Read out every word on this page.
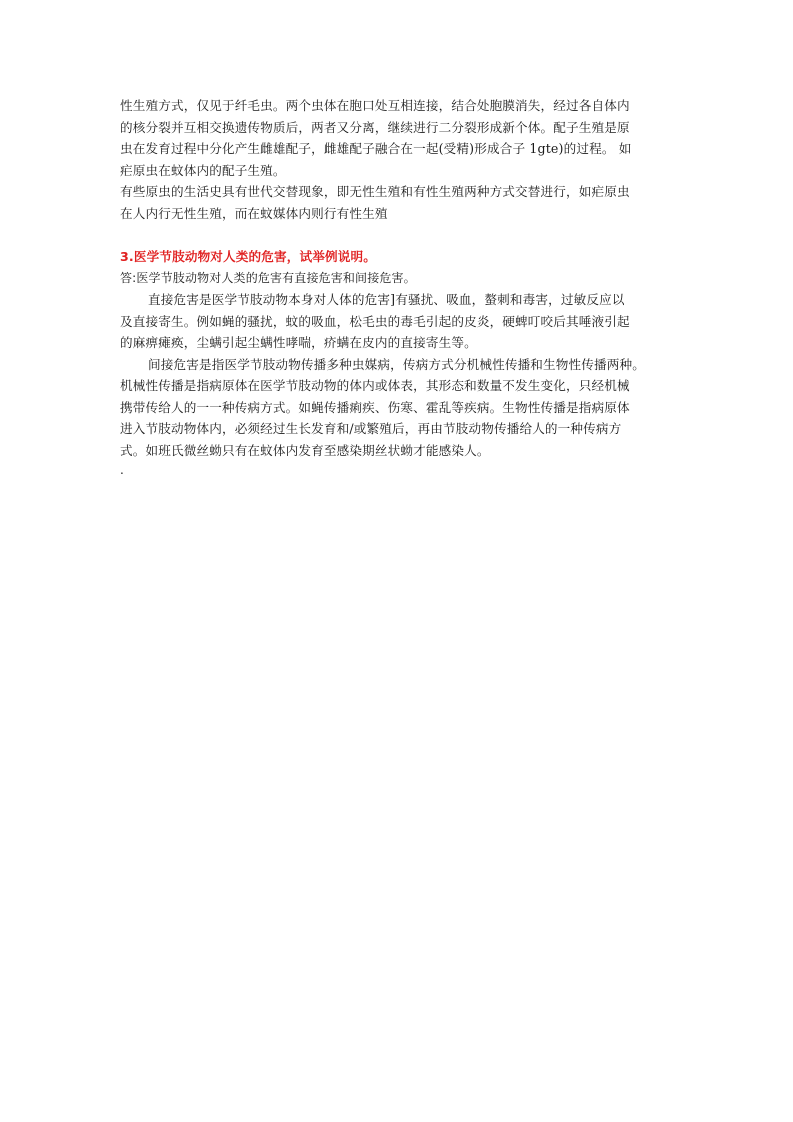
性生殖方式，仅见于纤毛虫。两个虫体在胞口处互相连接，结合处胞膜消失，经过各自体内
的核分裂并互相交换遗传物质后，两者又分离，继续进行二分裂形成新个体。配子生殖是原
虫在发育过程中分化产生雌雄配子，雌雄配子融合在一起(受精)形成合子 1gte)的过程。 如
疟原虫在蚊体内的配子生殖。
有些原虫的生活史具有世代交替现象，即无性生殖和有性生殖两种方式交替进行，如疟原虫
在人内行无性生殖，而在蚊媒体内则行有性生殖
3.医学节肢动物对人类的危害，试举例说明。
答:医学节肢动物对人类的危害有直接危害和间接危害。
直接危害是医学节肢动物本身对人体的危害]有骚扰、吸血，螯刺和毒害，过敏反应以
及直接寄生。例如蝇的骚扰，蚊的吸血，松毛虫的毒毛引起的皮炎，硬蜱叮咬后其唾液引起
的麻痹瘫痪，尘螨引起尘螨性哮喘，疥螨在皮内的直接寄生等。
间接危害是指医学节肢动物传播多种虫媒病，传病方式分机械性传播和生物性传播两种。
机械性传播是指病原体在医学节肢动物的体内或体表，其形态和数量不发生变化，只经机械
携带传给人的一一种传病方式。如蝇传播痢疾、伤寒、霍乱等疾病。生物性传播是指病原体
进入节肢动物体内，必须经过生长发育和/或繁殖后，再由节肢动物传播给人的一种传病方
式。如班氏微丝蚴只有在蚊体内发育至感染期丝状蚴才能感染人。
.
